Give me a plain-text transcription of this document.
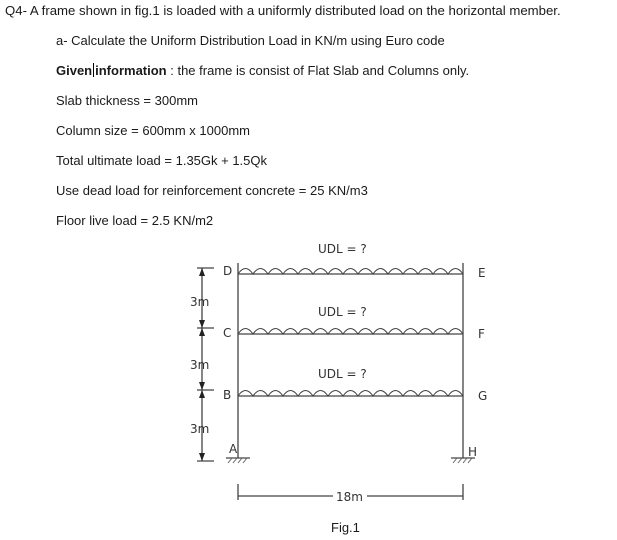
Q4- A frame shown in fig.1 is loaded with a uniformly distributed load on the horizontal member.
a- Calculate the Uniform Distribution Load in KN/m using Euro code
Given information : the frame is consist of Flat Slab and Columns only.
Slab thickness = 300mm
Column size = 600mm x 1000mm
Total ultimate load = 1.35Gk + 1.5Qk
Use dead load for reinforcement concrete = 25 KN/m3
Floor live load = 2.5 KN/m2
UDL = ?
UDL = ?
UDL = ?
D
C
B
A
E
F
G
H
3m
3m
3m
18m
Fig.1
